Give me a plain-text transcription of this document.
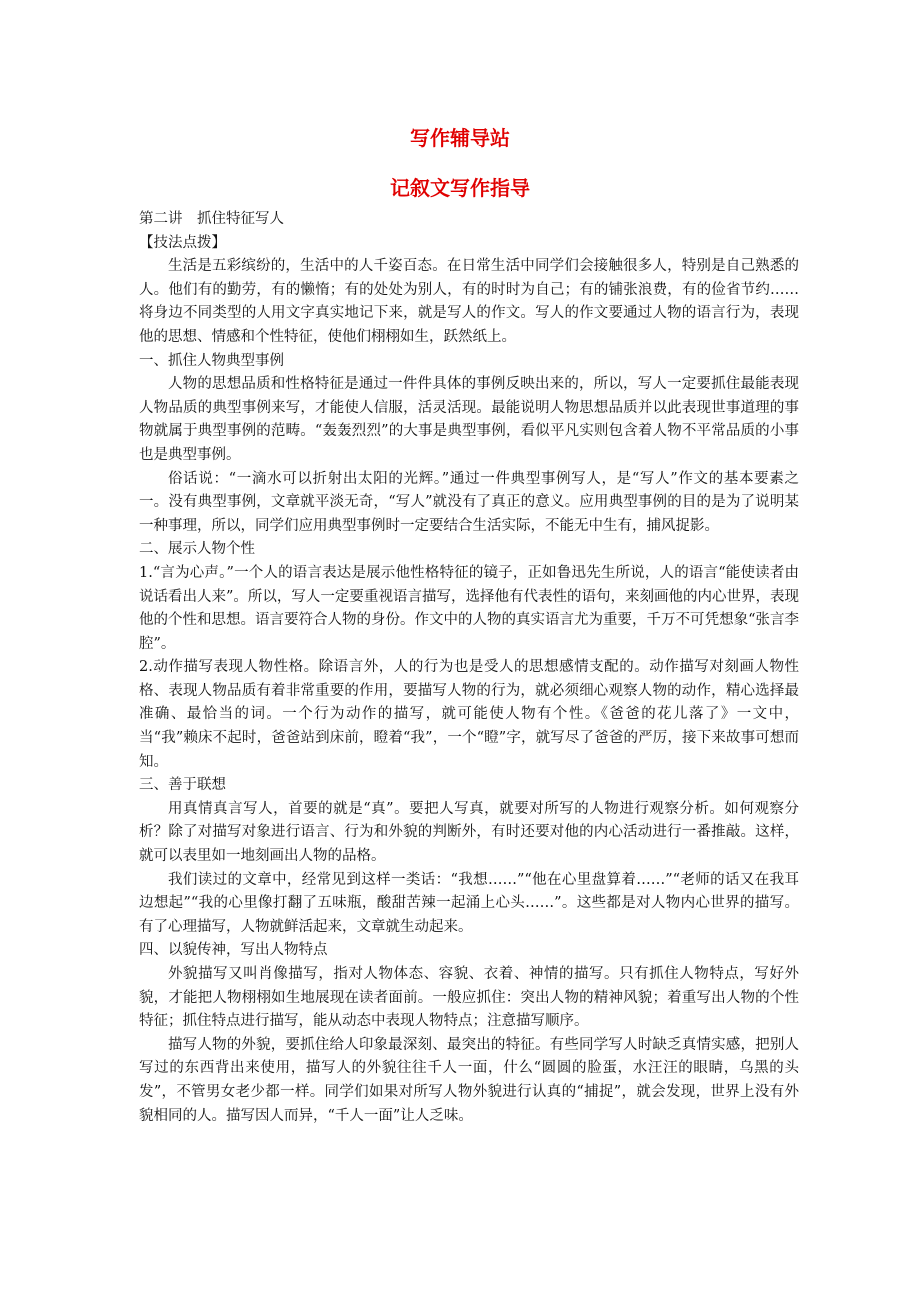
写作辅导站
记叙文写作指导

第二讲　抓住特征写人

【技法点拨】

生活是五彩缤纷的，生活中的人千姿百态。在日常生活中同学们会接触很多人，特别是自己熟悉的人。他们有的勤劳，有的懒惰；有的处处为别人，有的时时为自己；有的铺张浪费，有的俭省节约……将身边不同类型的人用文字真实地记下来，就是写人的作文。写人的作文要通过人物的语言行为，表现他的思想、情感和个性特征，使他们栩栩如生，跃然纸上。

一、抓住人物典型事例

人物的思想品质和性格特征是通过一件件具体的事例反映出来的，所以，写人一定要抓住最能表现人物品质的典型事例来写，才能使人信服，活灵活现。最能说明人物思想品质并以此表现世事道理的事物就属于典型事例的范畴。“轰轰烈烈”的大事是典型事例，看似平凡实则包含着人物不平常品质的小事也是典型事例。

俗话说：“一滴水可以折射出太阳的光辉。”通过一件典型事例写人，是“写人”作文的基本要素之一。没有典型事例，文章就平淡无奇，“写人”就没有了真正的意义。应用典型事例的目的是为了说明某一种事理，所以，同学们应用典型事例时一定要结合生活实际，不能无中生有，捕风捉影。

二、展示人物个性

1.“言为心声。”一个人的语言表达是展示他性格特征的镜子，正如鲁迅先生所说，人的语言“能使读者由说话看出人来”。所以，写人一定要重视语言描写，选择他有代表性的语句，来刻画他的内心世界，表现他的个性和思想。语言要符合人物的身份。作文中的人物的真实语言尤为重要，千万不可凭想象“张言李腔”。

2.动作描写表现人物性格。除语言外，人的行为也是受人的思想感情支配的。动作描写对刻画人物性格、表现人物品质有着非常重要的作用，要描写人物的行为，就必须细心观察人物的动作，精心选择最准确、最恰当的词。一个行为动作的描写，就可能使人物有个性。《爸爸的花儿落了》一文中，当“我”赖床不起时，爸爸站到床前，瞪着“我”，一个“瞪”字，就写尽了爸爸的严厉，接下来故事可想而知。

三、善于联想

用真情真言写人，首要的就是“真”。要把人写真，就要对所写的人物进行观察分析。如何观察分析？除了对描写对象进行语言、行为和外貌的判断外，有时还要对他的内心活动进行一番推敲。这样，就可以表里如一地刻画出人物的品格。

我们读过的文章中，经常见到这样一类话：“我想……”“他在心里盘算着……”“老师的话又在我耳边想起”“我的心里像打翻了五味瓶，酸甜苦辣一起涌上心头……”。这些都是对人物内心世界的描写。有了心理描写，人物就鲜活起来，文章就生动起来。

四、以貌传神，写出人物特点

外貌描写又叫肖像描写，指对人物体态、容貌、衣着、神情的描写。只有抓住人物特点，写好外貌，才能把人物栩栩如生地展现在读者面前。一般应抓住：突出人物的精神风貌；着重写出人物的个性特征；抓住特点进行描写，能从动态中表现人物特点；注意描写顺序。

描写人物的外貌，要抓住给人印象最深刻、最突出的特征。有些同学写人时缺乏真情实感，把别人写过的东西背出来使用，描写人的外貌往往千人一面，什么“圆圆的脸蛋，水汪汪的眼睛，乌黑的头发”，不管男女老少都一样。同学们如果对所写人物外貌进行认真的“捕捉”，就会发现，世界上没有外貌相同的人。描写因人而异，“千人一面”让人乏味。
